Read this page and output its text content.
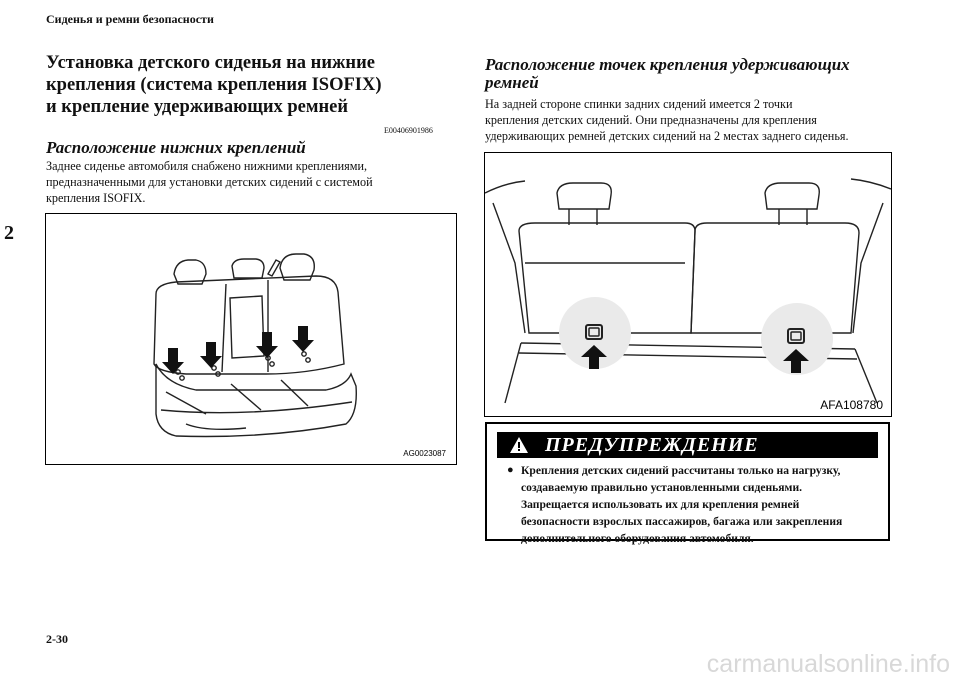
Сиденья и ремни безопасности
2
Установка детского сиденья на нижние
крепления (система крепления ISOFIX)
и крепление удерживающих ремней
E00406901986
Расположение нижних креплений
Заднее сиденье автомобиля снабжено нижними креплениями,
предназначенными для установки детских сидений с системой
крепления ISOFIX.
AG0023087
Расположение точек крепления удерживающих
ремней
На задней стороне спинки задних сидений имеется 2 точки
крепления детских сидений. Они предназначены для крепления
удерживающих ремней детских сидений на 2 местах заднего сиденья.
AFA108780
ПРЕДУПРЕЖДЕНИЕ
● Крепления детских сидений рассчитаны только на нагрузку,
создаваемую правильно установленными сиденьями.
Запрещается использовать их для крепления ремней
безопасности взрослых пассажиров, багажа или закрепления
дополнительного оборудования автомобиля.
2-30
carmanualsonline.info
